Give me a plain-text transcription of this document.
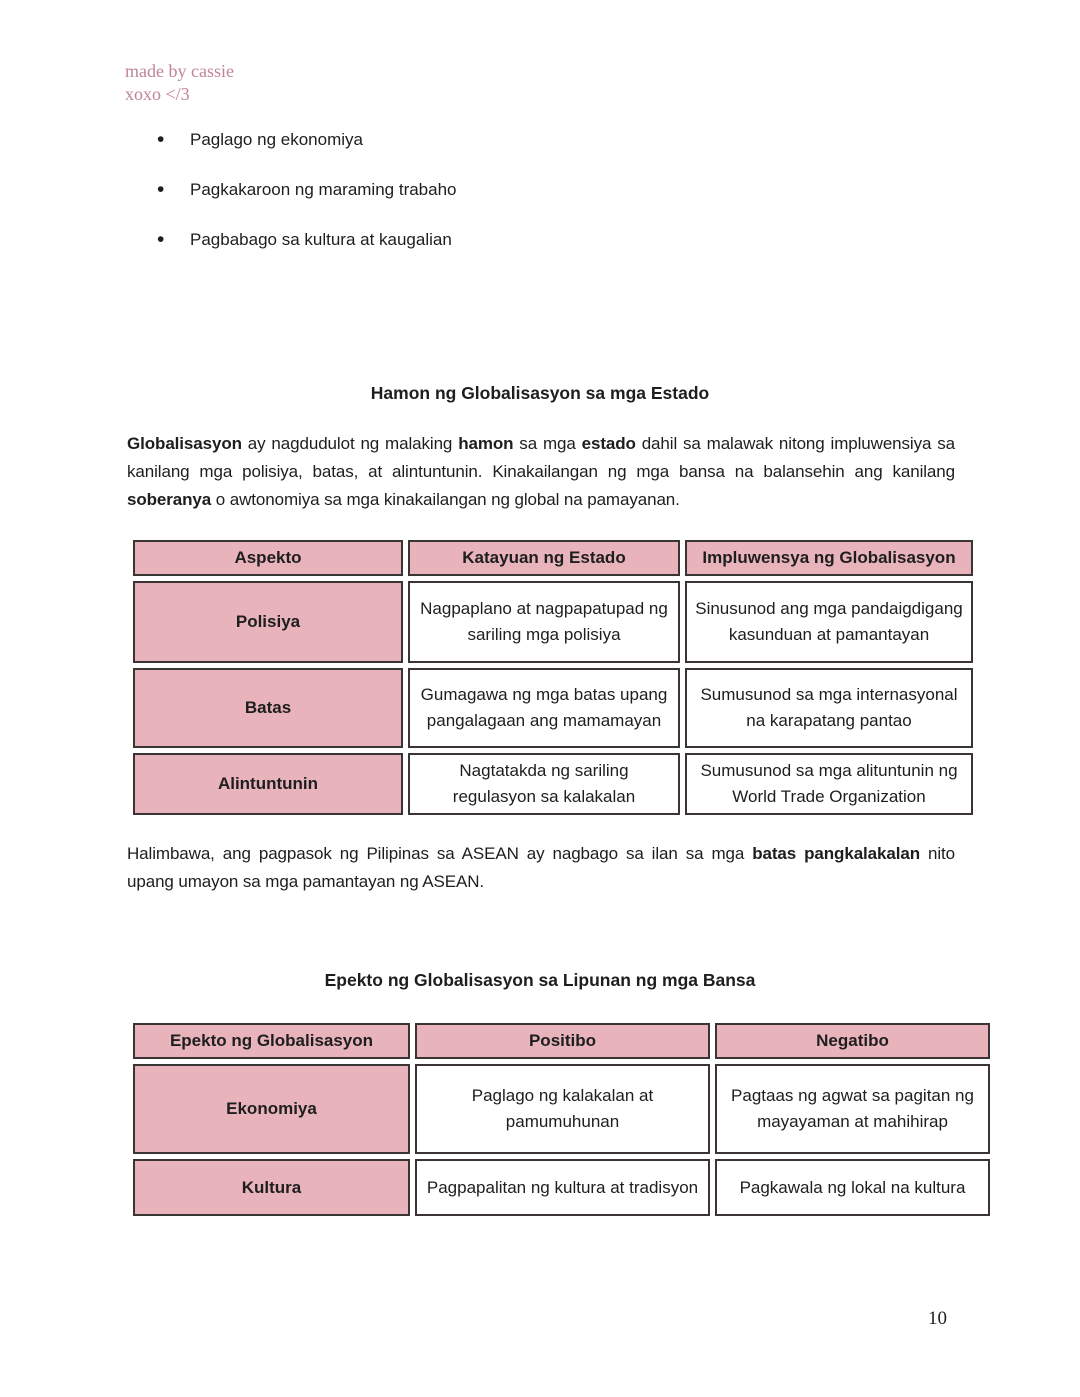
made by cassie
xoxo </3
• Paglago ng ekonomiya
• Pagkakaroon ng maraming trabaho
• Pagbabago sa kultura at kaugalian
Hamon ng Globalisasyon sa mga Estado

Globalisasyon ay nagdudulot ng malaking hamon sa mga estado dahil sa malawak nitong impluwensiya sa kanilang mga polisiya, batas, at alintuntunin. Kinakailangan ng mga bansa na balansehin ang kanilang soberanya o awtonomiya sa mga kinakailangan ng global na pamayanan.

Aspekto	Katayuan ng Estado	Impluwensya ng Globalisasyon
Polisiya	Nagpaplano at nagpapatupad ng sariling mga polisiya	Sinusunod ang mga pandaigdigang kasunduan at pamantayan
Batas	Gumagawa ng mga batas upang pangalagaan ang mamamayan	Sumusunod sa mga internasyonal na karapatang pantao
Alintuntunin	Nagtatakda ng sariling regulasyon sa kalakalan	Sumusunod sa mga alituntunin ng World Trade Organization

Halimbawa, ang pagpasok ng Pilipinas sa ASEAN ay nagbago sa ilan sa mga batas pangkalakalan nito upang umayon sa mga pamantayan ng ASEAN.

Epekto ng Globalisasyon sa Lipunan ng mga Bansa
Epekto ng Globalisasyon	Positibo	Negatibo
Ekonomiya	Paglago ng kalakalan at pamumuhunan	Pagtaas ng agwat sa pagitan ng mayayaman at mahihirap
Kultura	Pagpapalitan ng kultura at tradisyon	Pagkawala ng lokal na kultura
10
